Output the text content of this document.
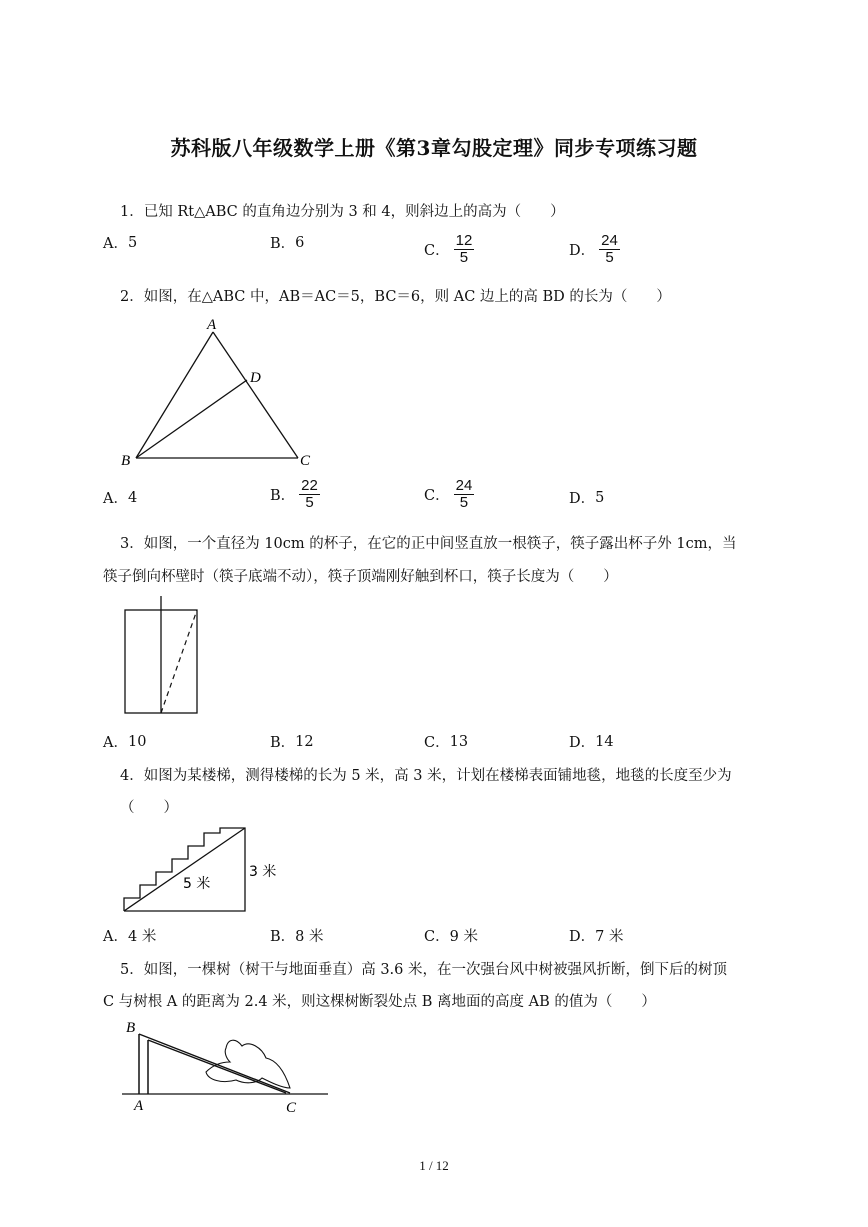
苏科版八年级数学上册《第3章勾股定理》同步专项练习题
1．已知 Rt△ABC 的直角边分别为 3 和 4，则斜边上的高为（　　）
A． 5	B． 6
C． $\frac{12}{5}$	D． $\frac{24}{5}$
2．如图，在△ABC 中，AB＝AC＝5，BC＝6，则 AC 边上的高 BD 的长为（　　）
A
D
B	C
A． 4	B． $\frac{22}{5}$	C． $\frac{24}{5}$	D． 5
3．如图，一个直径为 10cm 的杯子，在它的正中间竖直放一根筷子，筷子露出杯子外 1cm，当
筷子倒向杯壁时（筷子底端不动），筷子顶端刚好触到杯口，筷子长度为（　　）
A． 10	B． 12	C． 13	D． 14
4．如图为某楼梯，测得楼梯的长为 5 米，高 3 米，计划在楼梯表面铺地毯，地毯的长度至少为
（　　）
5 米
3 米
A． 4 米	B． 8 米	C． 9 米	D． 7 米
5．如图，一棵树（树干与地面垂直）高 3.6 米，在一次强台风中树被强风折断，倒下后的树顶
C 与树根 A 的距离为 2.4 米，则这棵树断裂处点 B 离地面的高度 AB 的值为（　　）
B
A	C
1 / 12
